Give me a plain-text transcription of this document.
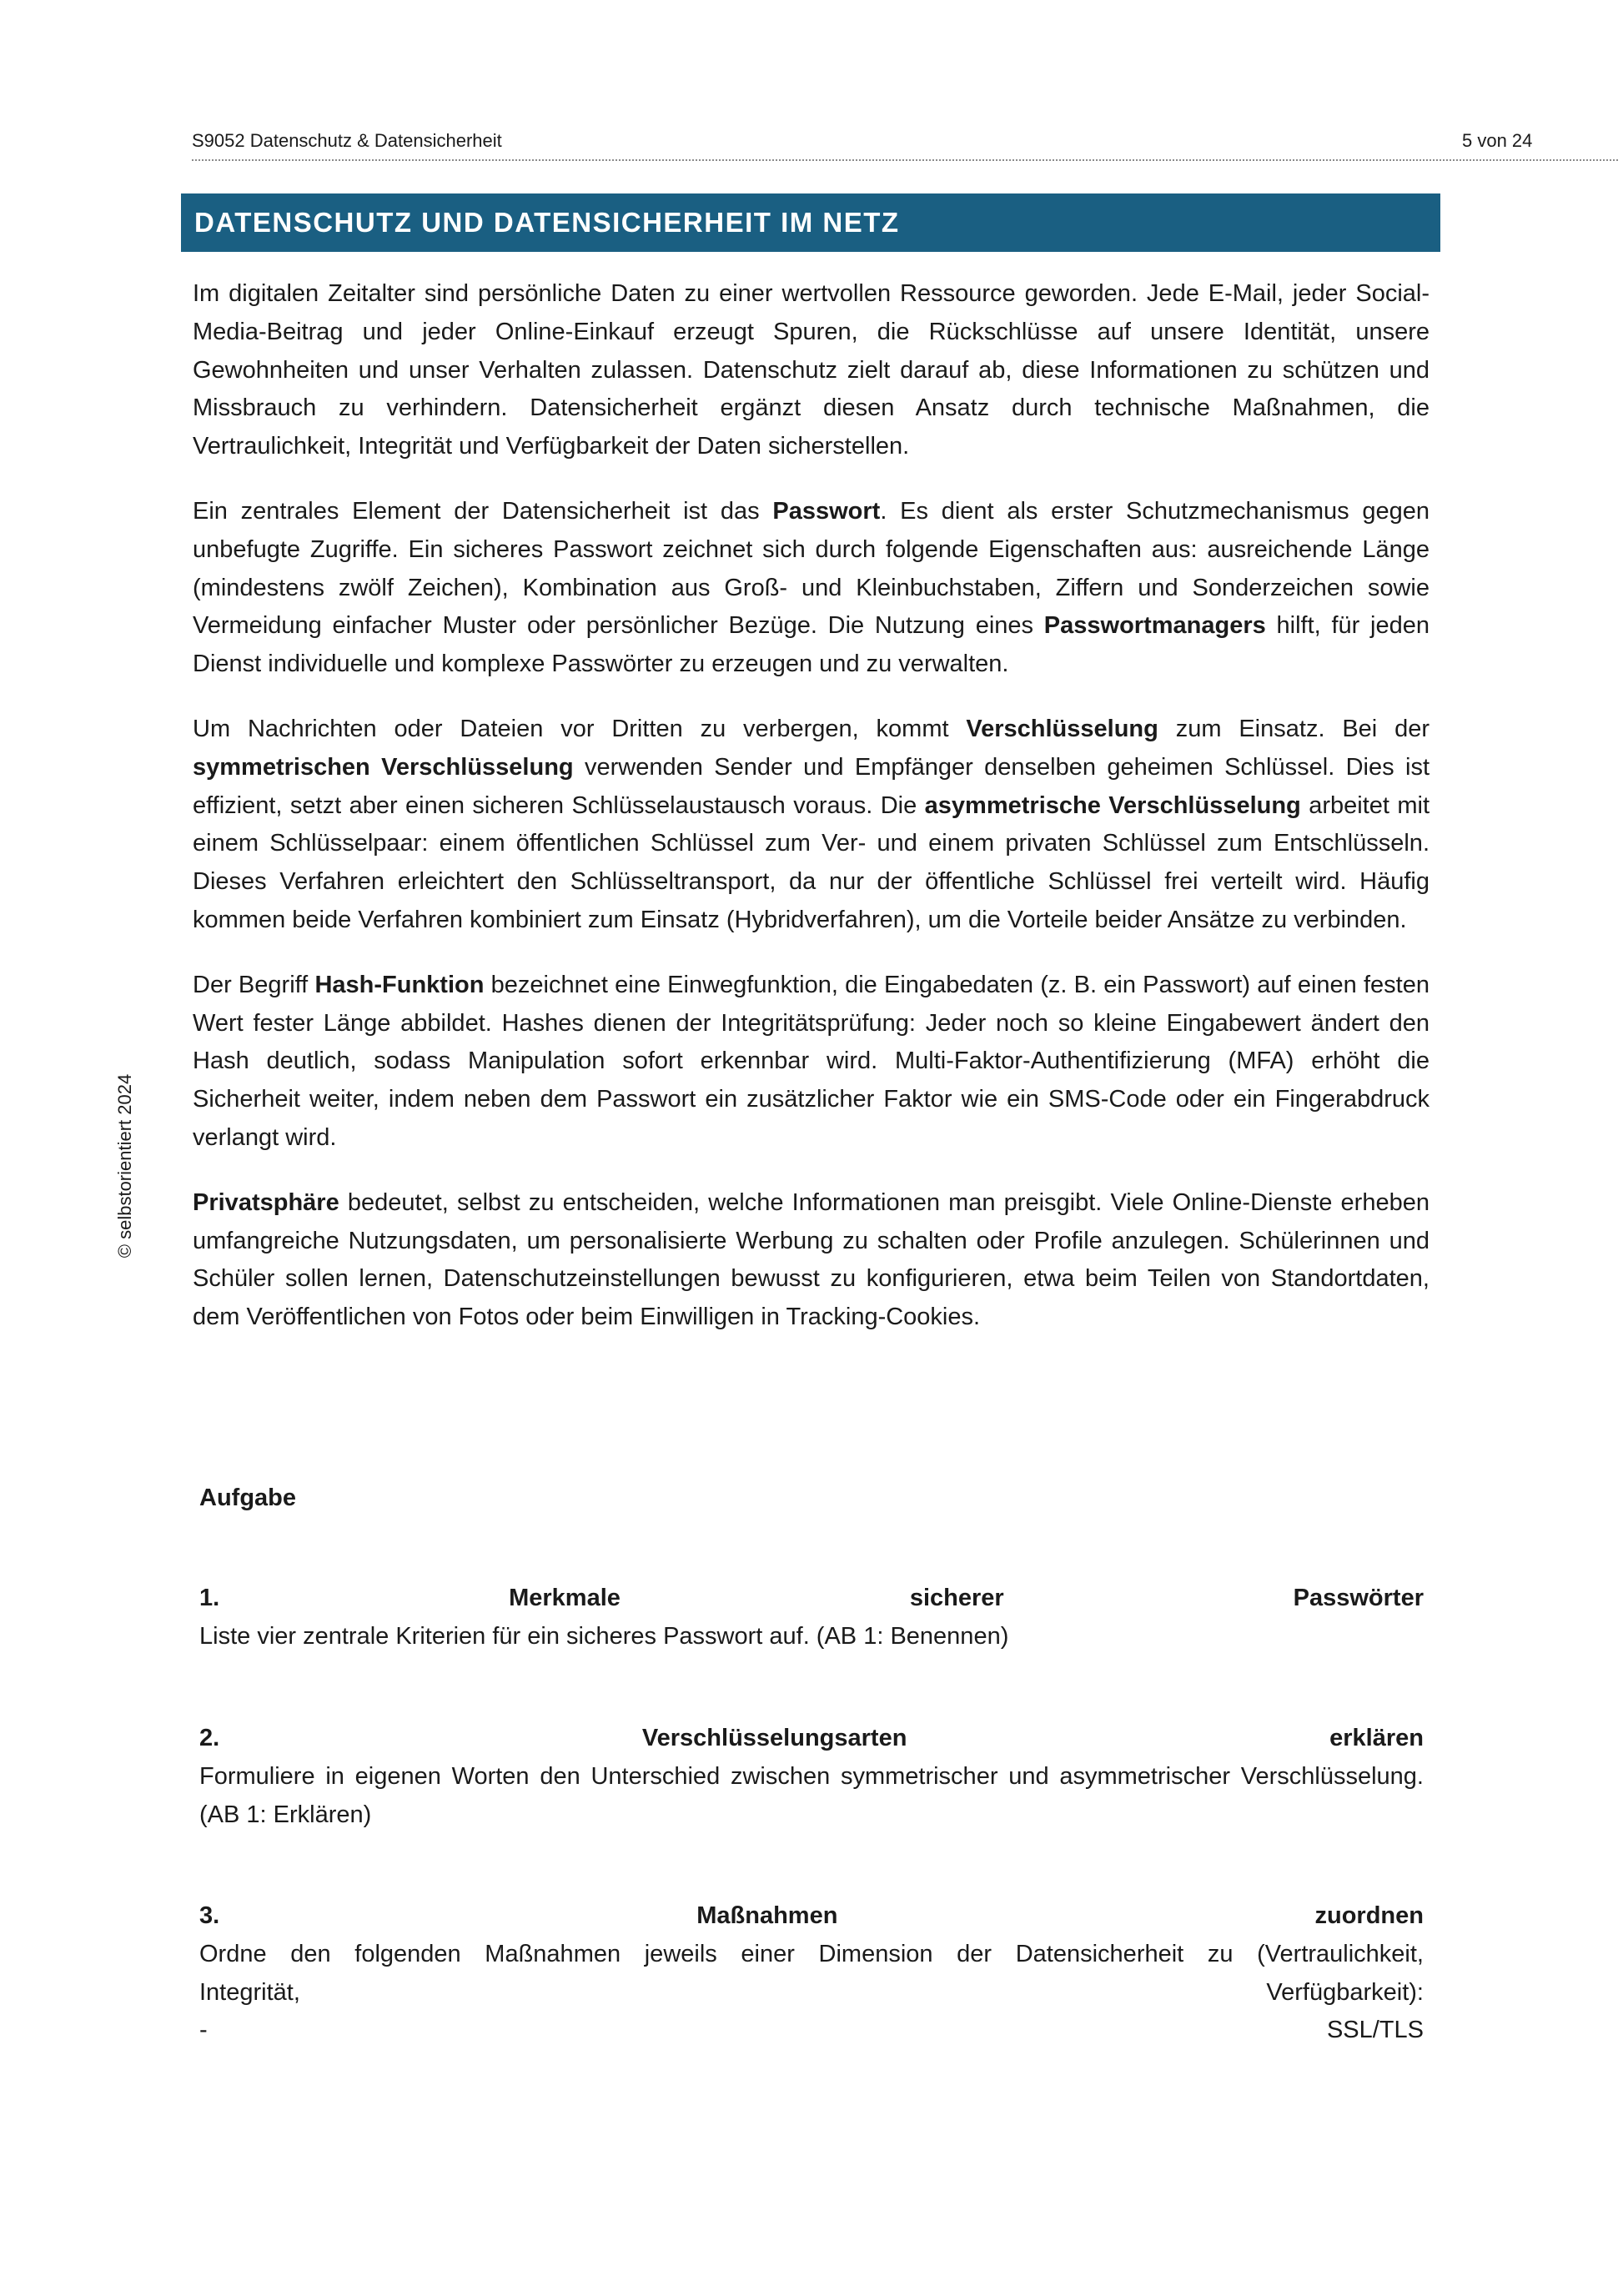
S9052 Datenschutz & Datensicherheit	5 von 24
DATENSCHUTZ UND DATENSICHERHEIT IM NETZ
© selbstorientiert 2024

Im digitalen Zeitalter sind persönliche Daten zu einer wertvollen Ressource geworden. Jede E-Mail, jeder Social-Media-Beitrag und jeder Online-Einkauf erzeugt Spuren, die Rückschlüsse auf unsere Identität, unsere Gewohnheiten und unser Verhalten zulassen. Datenschutz zielt darauf ab, diese Informationen zu schützen und Missbrauch zu verhindern. Datensicherheit ergänzt diesen Ansatz durch technische Maßnahmen, die Vertraulichkeit, Integrität und Verfügbarkeit der Daten sicherstellen.

Ein zentrales Element der Datensicherheit ist das Passwort. Es dient als erster Schutzmechanismus gegen unbefugte Zugriffe. Ein sicheres Passwort zeichnet sich durch folgende Eigenschaften aus: ausreichende Länge (mindestens zwölf Zeichen), Kombination aus Groß- und Kleinbuchstaben, Ziffern und Sonderzeichen sowie Vermeidung einfacher Muster oder persönlicher Bezüge. Die Nutzung eines Passwortmanagers hilft, für jeden Dienst individuelle und komplexe Passwörter zu erzeugen und zu verwalten.

Um Nachrichten oder Dateien vor Dritten zu verbergen, kommt Verschlüsselung zum Einsatz. Bei der symmetrischen Verschlüsselung verwenden Sender und Empfänger denselben geheimen Schlüssel. Dies ist effizient, setzt aber einen sicheren Schlüsselaustausch voraus. Die asymmetrische Verschlüsselung arbeitet mit einem Schlüsselpaar: einem öffentlichen Schlüssel zum Ver- und einem privaten Schlüssel zum Entschlüsseln. Dieses Verfahren erleichtert den Schlüsseltransport, da nur der öffentliche Schlüssel frei verteilt wird. Häufig kommen beide Verfahren kombiniert zum Einsatz (Hybridverfahren), um die Vorteile beider Ansätze zu verbinden.

Der Begriff Hash-Funktion bezeichnet eine Einwegfunktion, die Eingabedaten (z. B. ein Passwort) auf einen festen Wert fester Länge abbildet. Hashes dienen der Integritätsprüfung: Jeder noch so kleine Eingabewert ändert den Hash deutlich, sodass Manipulation sofort erkennbar wird. Multi-Faktor-Authentifizierung (MFA) erhöht die Sicherheit weiter, indem neben dem Passwort ein zusätzlicher Faktor wie ein SMS-Code oder ein Fingerabdruck verlangt wird.

Privatsphäre bedeutet, selbst zu entscheiden, welche Informationen man preisgibt. Viele Online-Dienste erheben umfangreiche Nutzungsdaten, um personalisierte Werbung zu schalten oder Profile anzulegen. Schülerinnen und Schüler sollen lernen, Datenschutzeinstellungen bewusst zu konfigurieren, etwa beim Teilen von Standortdaten, dem Veröffentlichen von Fotos oder beim Einwilligen in Tracking-Cookies.

Aufgabe
1.	Merkmale	sicherer	Passwörter
Liste vier zentrale Kriterien für ein sicheres Passwort auf. (AB 1: Benennen)
2.	Verschlüsselungsarten	erklären
Formuliere in eigenen Worten den Unterschied zwischen symmetrischer und asymmetrischer Verschlüsselung. (AB 1: Erklären)
3.	Maßnahmen	zuordnen
Ordne den folgenden Maßnahmen jeweils einer Dimension der Datensicherheit zu (Vertraulichkeit,
Integrität,	Verfügbarkeit):
-	SSL/TLS
